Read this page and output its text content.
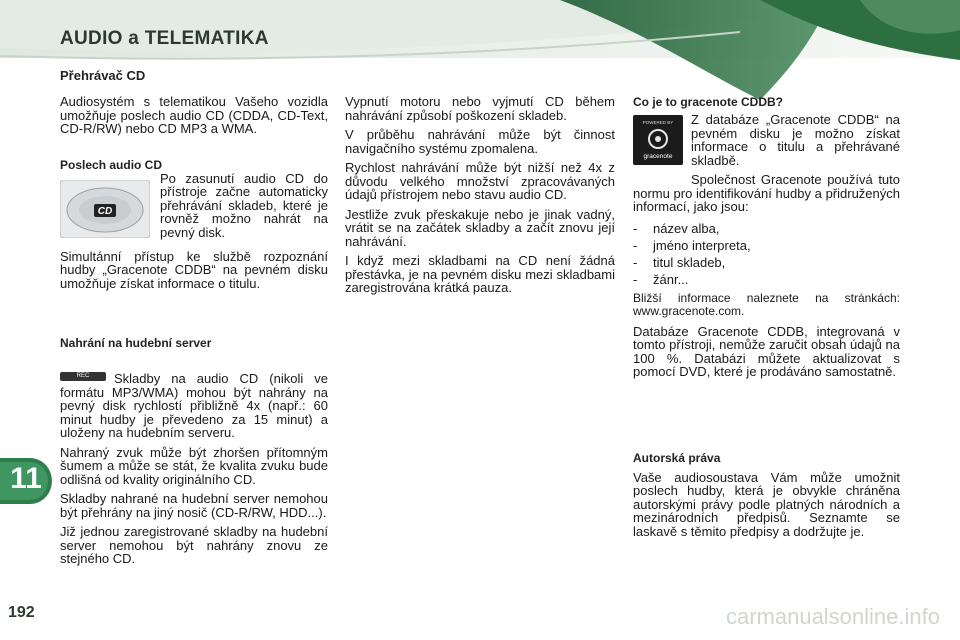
AUDIO a TELEMATIKA
Přehrávač CD

Audiosystém s telematikou Vašeho vozidla umožňuje poslech audio CD (CDDA, CD-Text, CD-R/RW) nebo CD MP3 a WMA.

Poslech audio CD
CD

Po zasunutí audio CD do přístroje začne automaticky přehrávání skladeb, které je rovněž možno nahrát na pevný disk.

Simultánní přístup ke službě rozpoznání hudby „Gracenote CDDB“ na pevném disku umožňuje získat informace o titulu.

Nahrání na hudební server
REC	Skladby na audio CD (nikoli ve formátu MP3/WMA) mohou být nahrány na pevný disk rychlostí přibližně 4x (např.: 60 minut hudby je převedeno za 15 minut) a uloženy na hudebním serveru.

Nahraný zvuk může být zhoršen přítomným šumem a může se stát, že kvalita zvuku bude odlišná od kvality originálního CD.

Skladby nahrané na hudební server nemohou být přehrány na jiný nosič (CD-R/RW, HDD...).

Již jednou zaregistrované skladby na hudební server nemohou být nahrány znovu ze stejného CD.

Vypnutí motoru nebo vyjmutí CD během nahrávání způsobí poškození skladeb.

V průběhu nahrávání může být činnost navigačního systému zpomalena.

Rychlost nahrávání může být nižší než 4x z důvodu velkého množství zpracovávaných údajů přístrojem nebo stavu audio CD.

Jestliže zvuk přeskakuje nebo je jinak vadný, vrátit se na začátek skladby a začít znovu její nahrávání.

I když mezi skladbami na CD není žádná přestávka, je na pevném disku mezi skladbami zaregistrována krátká pauza.

Co je to gracenote CDDB?
POWERED BY
gracenote

Z databáze „Gracenote CDDB“ na pevném disku je možno získat informace o titulu a přehrávané skladbě.

Společnost Gracenote používá tuto normu pro identifikování hudby a přidružených informací, jako jsou:

- název alba,
- jméno interpreta,
- titul skladeb,
- žánr...

Bližší informace naleznete na stránkách: www.gracenote.com.

Databáze Gracenote CDDB, integrovaná v tomto přístroji, nemůže zaručit obsah údajů na 100 %. Databázi můžete aktualizovat s pomocí DVD, které je prodáváno samostatně.

Autorská práva

Vaše audiosoustava Vám může umožnit poslech hudby, která je obvykle chráněna autorskými právy podle platných národních a mezinárodních předpisů. Seznamte se laskavě s těmito předpisy a dodržujte je.

11
192	carmanualsonline.info
